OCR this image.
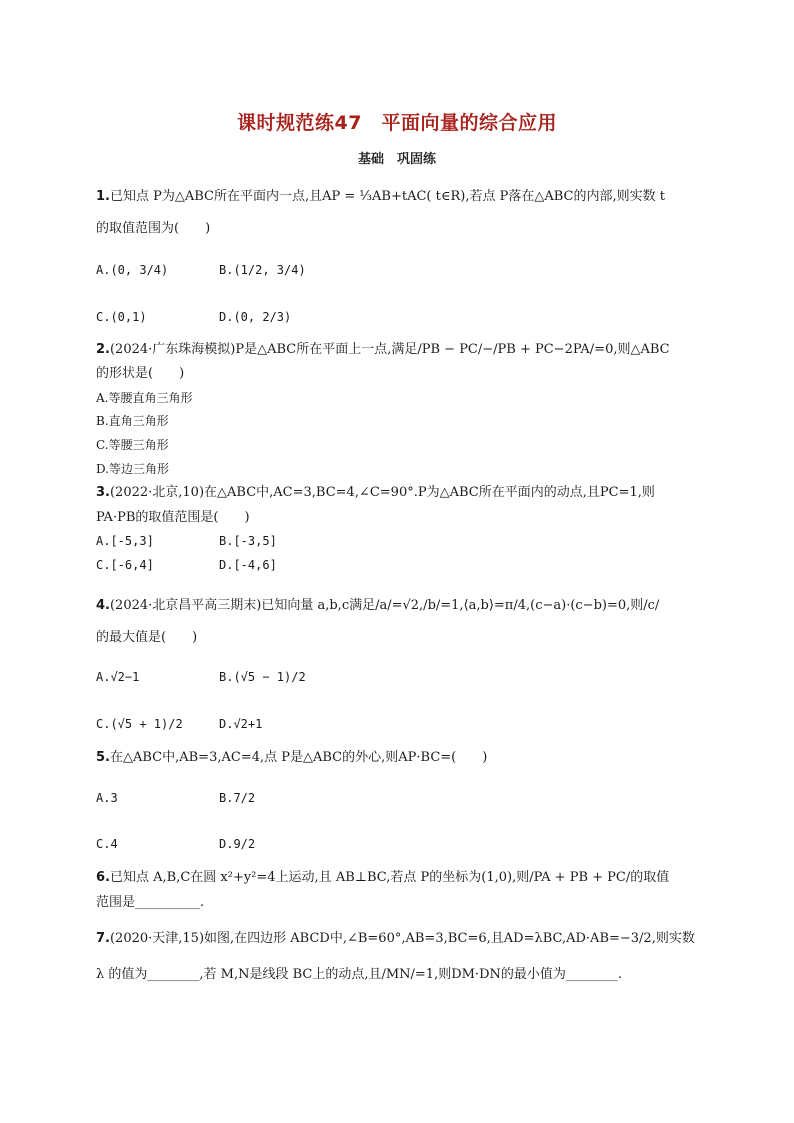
课时规范练47　平面向量的综合应用
基础　巩固练
1.已知点 P为△ABC所在平面内一点,且AP = ⅓AB+tAC( t∈R),若点 P落在△ABC的内部,则实数 t
的取值范围为(　　)
A.(0, 3/4)	B.(1/2, 3/4)
C.(0,1)	D.(0, 2/3)
2.(2024·广东珠海模拟)P是△ABC所在平面上一点,满足/PB − PC/−/PB + PC−2PA/=0,则△ABC
的形状是(　　)
A.等腰直角三角形
B.直角三角形
C.等腰三角形
D.等边三角形
3.(2022·北京,10)在△ABC中,AC=3,BC=4,∠C=90°.P为△ABC所在平面内的动点,且PC=1,则
PA·PB的取值范围是(　　)
A.[-5,3]	B.[-3,5]
C.[-6,4]	D.[-4,6]
4.(2024·北京昌平高三期末)已知向量 a,b,c满足/a/=√2,/b/=1,⟨a,b⟩=π/4,(c−a)·(c−b)=0,则/c/
的最大值是(　　)
A.√2−1	B.(√5 − 1)/2
C.(√5 + 1)/2	D.√2+1
5.在△ABC中,AB=3,AC=4,点 P是△ABC的外心,则AP·BC=(　　)
A.3	B.7/2
C.4	D.9/2
6.已知点 A,B,C在圆 x²+y²=4上运动,且 AB⊥BC,若点 P的坐标为(1,0),则/PA + PB + PC/的取值
范围是__________.
7.(2020·天津,15)如图,在四边形 ABCD中,∠B=60°,AB=3,BC=6,且AD=λBC,AD·AB=−3/2,则实数
λ 的值为________,若 M,N是线段 BC上的动点,且/MN/=1,则DM·DN的最小值为________.
